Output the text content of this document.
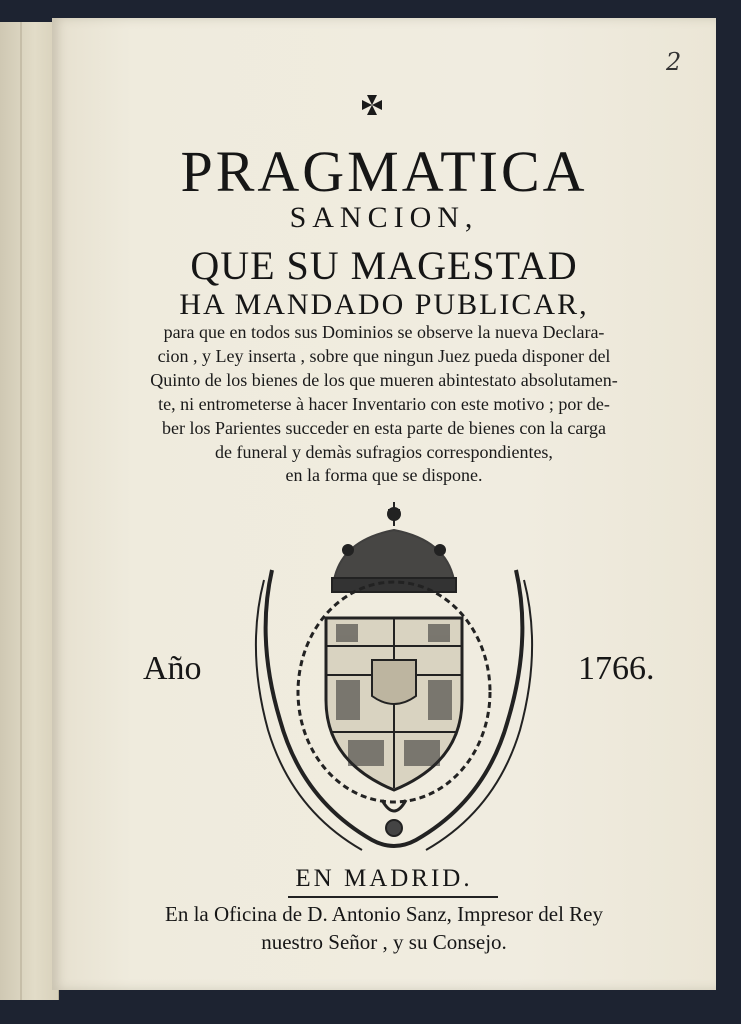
2
PRAGMATICA
SANCION,
QUE SU MAGESTAD
HA MANDADO PUBLICAR,

para que en todos sus Dominios se observe la nueva Declara-

cion , y Ley inserta , sobre que ningun Juez pueda disponer del

Quinto de los bienes de los que mueren abintestato absolutamen-

te, ni entrometerse à hacer Inventario con este motivo ; por de-

ber los Parientes succeder en esta parte de bienes con la carga

de funeral y demàs sufragios correspondientes,

en la forma que se dispone.

Año	1766.
EN MADRID.

En la Oficina de D. Antonio Sanz, Impresor del Rey

nuestro Señor , y su Consejo.
